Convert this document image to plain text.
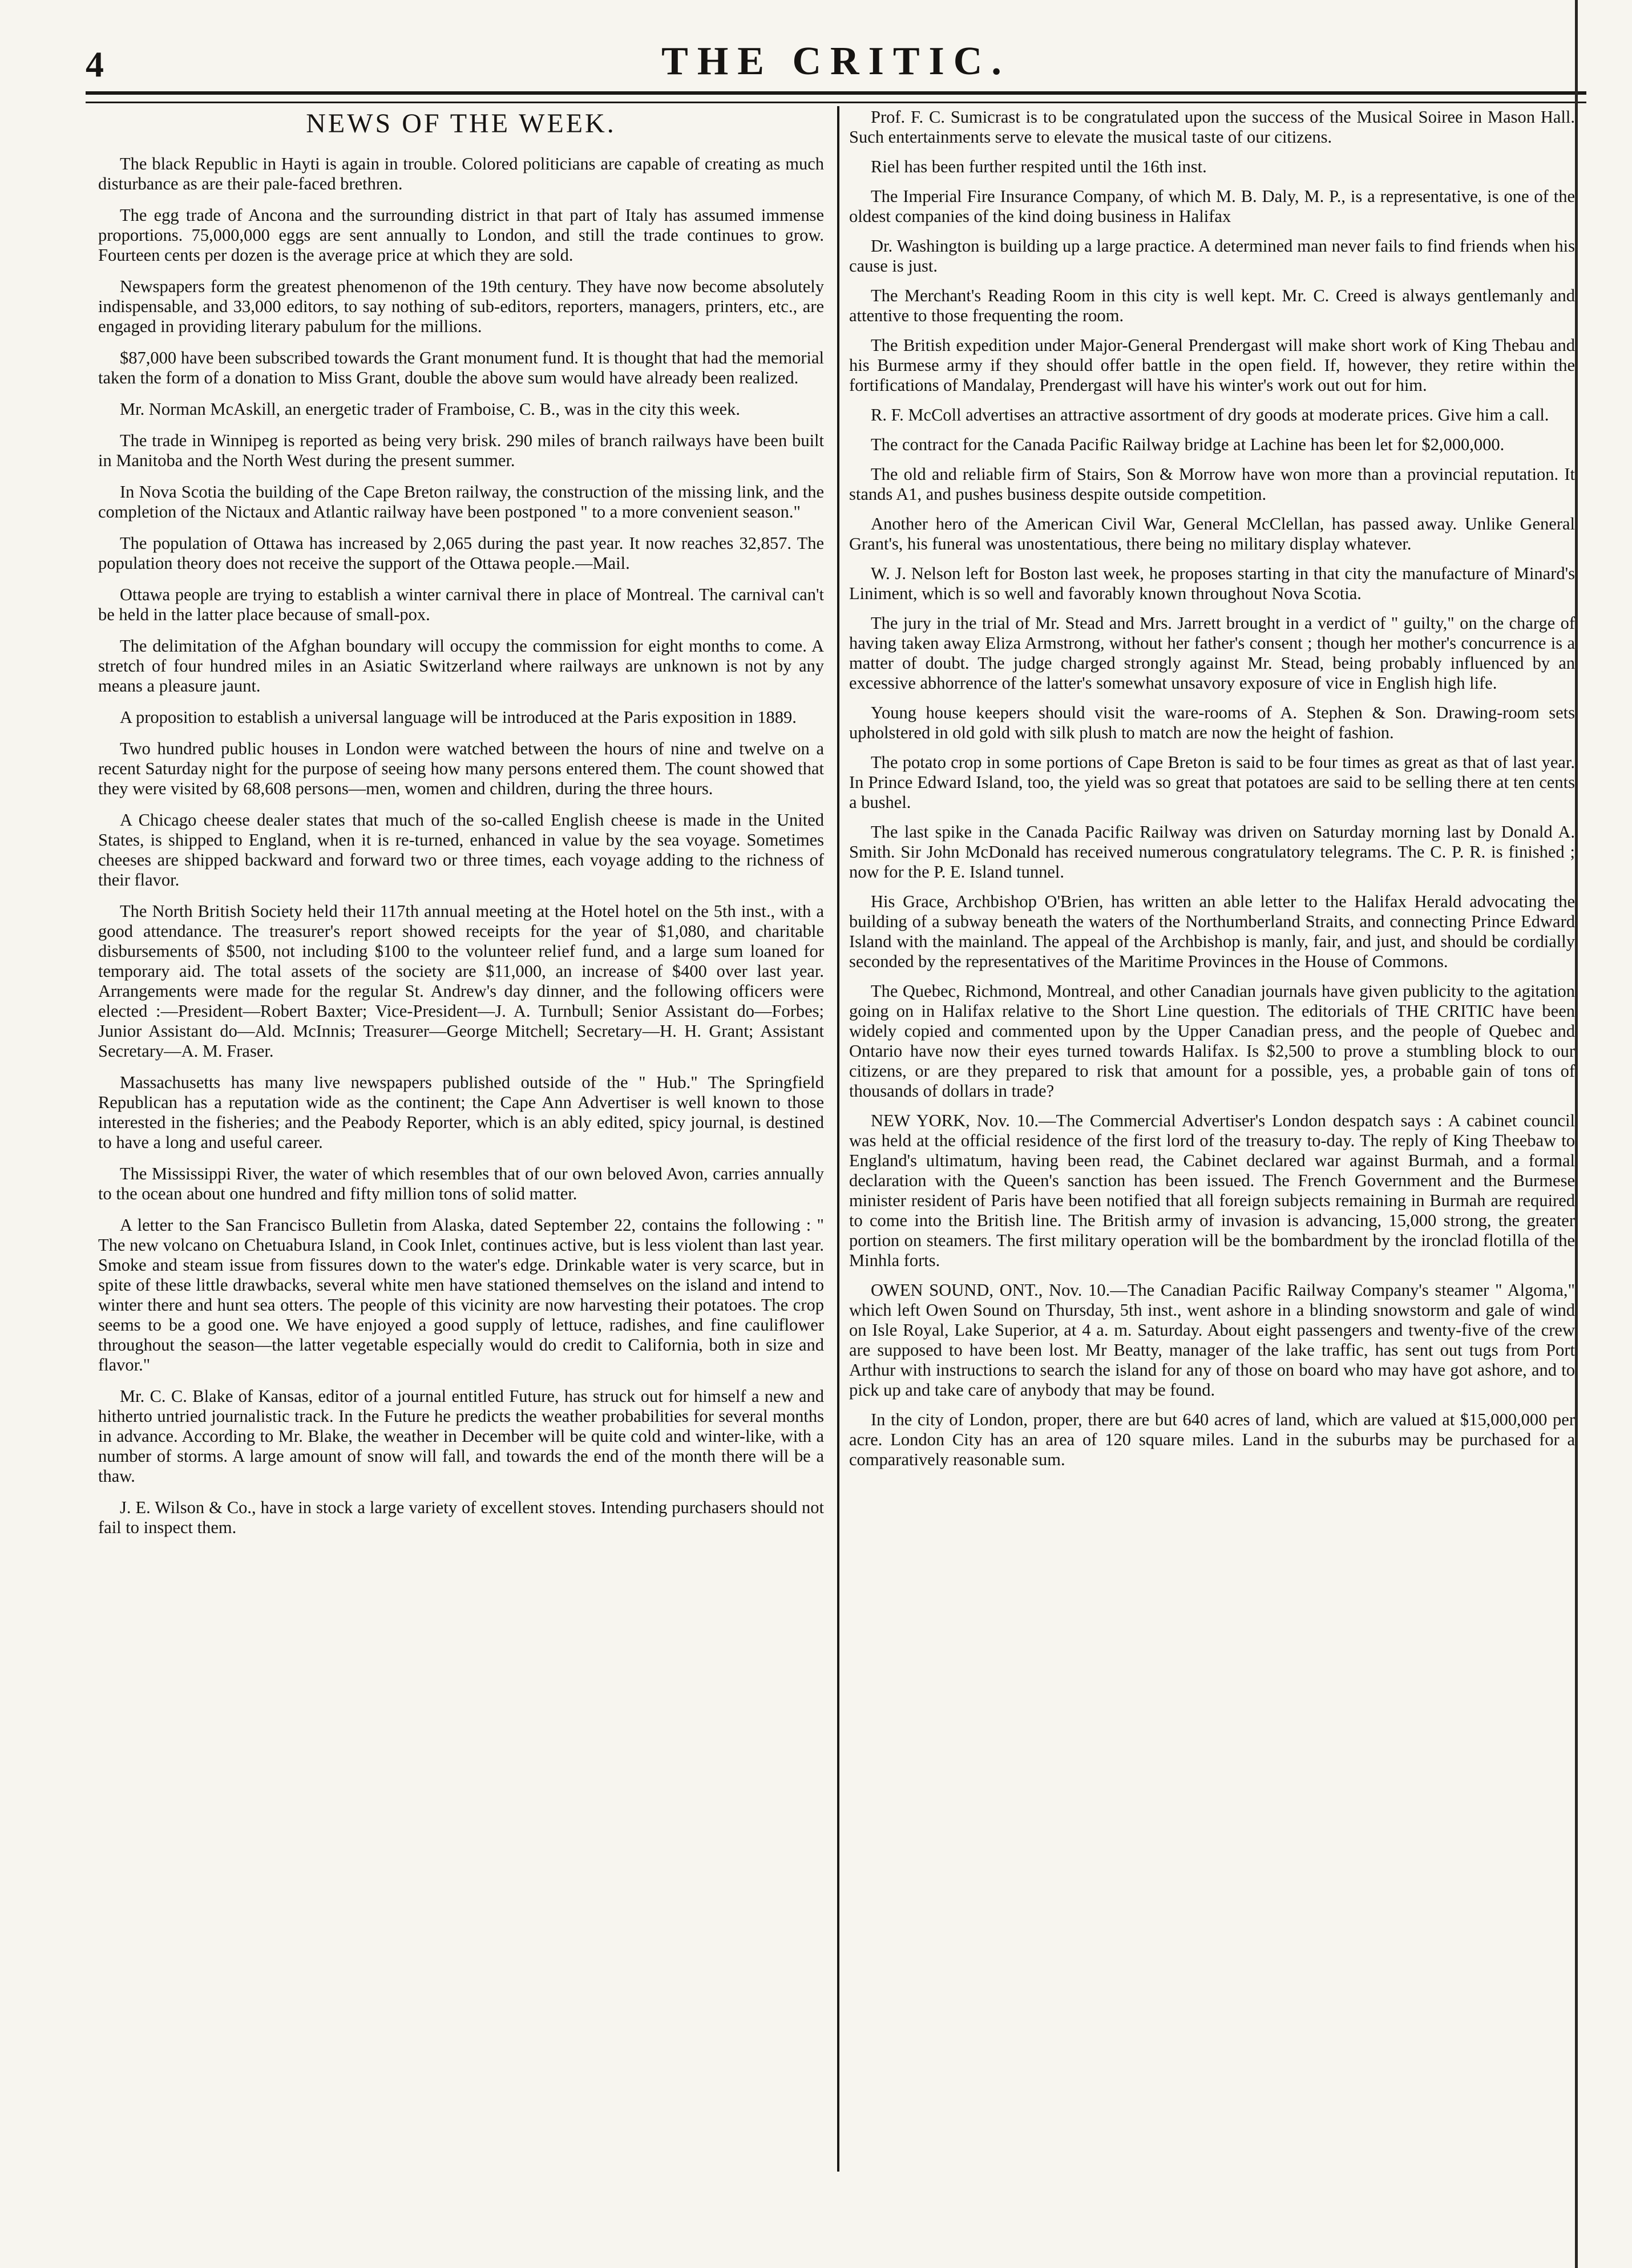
4	THE CRITIC.
NEWS OF THE WEEK.

The black Republic in Hayti is again in trouble. Colored politicians are capable of creating as much disturbance as are their pale-faced brethren.

The egg trade of Ancona and the surrounding district in that part of Italy has assumed immense proportions. 75,000,000 eggs are sent annually to London, and still the trade continues to grow. Fourteen cents per dozen is the average price at which they are sold.

Newspapers form the greatest phenomenon of the 19th century. They have now become absolutely indispensable, and 33,000 editors, to say nothing of sub-editors, reporters, managers, printers, etc., are engaged in providing literary pabulum for the millions.

$87,000 have been subscribed towards the Grant monument fund. It is thought that had the memorial taken the form of a donation to Miss Grant, double the above sum would have already been realized.

Mr. Norman McAskill, an energetic trader of Framboise, C. B., was in the city this week.

The trade in Winnipeg is reported as being very brisk. 290 miles of branch railways have been built in Manitoba and the North West during the present summer.

In Nova Scotia the building of the Cape Breton railway, the construction of the missing link, and the completion of the Nictaux and Atlantic railway have been postponed " to a more convenient season."

The population of Ottawa has increased by 2,065 during the past year. It now reaches 32,857. The population theory does not receive the support of the Ottawa people.—Mail.

Ottawa people are trying to establish a winter carnival there in place of Montreal. The carnival can't be held in the latter place because of small-pox.

The delimitation of the Afghan boundary will occupy the commission for eight months to come. A stretch of four hundred miles in an Asiatic Switzerland where railways are unknown is not by any means a pleasure jaunt.

A proposition to establish a universal language will be introduced at the Paris exposition in 1889.

Two hundred public houses in London were watched between the hours of nine and twelve on a recent Saturday night for the purpose of seeing how many persons entered them. The count showed that they were visited by 68,608 persons—men, women and children, during the three hours.

A Chicago cheese dealer states that much of the so-called English cheese is made in the United States, is shipped to England, when it is re-turned, enhanced in value by the sea voyage. Sometimes cheeses are shipped backward and forward two or three times, each voyage adding to the richness of their flavor.

The North British Society held their 117th annual meeting at the Hotel hotel on the 5th inst., with a good attendance. The treasurer's report showed receipts for the year of $1,080, and charitable disbursements of $500, not including $100 to the volunteer relief fund, and a large sum loaned for temporary aid. The total assets of the society are $11,000, an increase of $400 over last year. Arrangements were made for the regular St. Andrew's day dinner, and the following officers were elected :—President—Robert Baxter; Vice-President—J. A. Turnbull; Senior Assistant do—Forbes; Junior Assistant do—Ald. McInnis; Treasurer—George Mitchell; Secretary—H. H. Grant; Assistant Secretary—A. M. Fraser.

Massachusetts has many live newspapers published outside of the " Hub." The Springfield Republican has a reputation wide as the continent; the Cape Ann Advertiser is well known to those interested in the fisheries; and the Peabody Reporter, which is an ably edited, spicy journal, is destined to have a long and useful career.

The Mississippi River, the water of which resembles that of our own beloved Avon, carries annually to the ocean about one hundred and fifty million tons of solid matter.

A letter to the San Francisco Bulletin from Alaska, dated September 22, contains the following : " The new volcano on Chetuabura Island, in Cook Inlet, continues active, but is less violent than last year. Smoke and steam issue from fissures down to the water's edge. Drinkable water is very scarce, but in spite of these little drawbacks, several white men have stationed themselves on the island and intend to winter there and hunt sea otters. The people of this vicinity are now harvesting their potatoes. The crop seems to be a good one. We have enjoyed a good supply of lettuce, radishes, and fine cauliflower throughout the season—the latter vegetable especially would do credit to California, both in size and flavor."

Mr. C. C. Blake of Kansas, editor of a journal entitled Future, has struck out for himself a new and hitherto untried journalistic track. In the Future he predicts the weather probabilities for several months in advance. According to Mr. Blake, the weather in December will be quite cold and winter-like, with a number of storms. A large amount of snow will fall, and towards the end of the month there will be a thaw.

J. E. Wilson & Co., have in stock a large variety of excellent stoves. Intending purchasers should not fail to inspect them.

Prof. F. C. Sumicrast is to be congratulated upon the success of the Musical Soiree in Mason Hall. Such entertainments serve to elevate the musical taste of our citizens.

Riel has been further respited until the 16th inst.

The Imperial Fire Insurance Company, of which M. B. Daly, M. P., is a representative, is one of the oldest companies of the kind doing business in Halifax

Dr. Washington is building up a large practice. A determined man never fails to find friends when his cause is just.

The Merchant's Reading Room in this city is well kept. Mr. C. Creed is always gentlemanly and attentive to those frequenting the room.

The British expedition under Major-General Prendergast will make short work of King Thebau and his Burmese army if they should offer battle in the open field. If, however, they retire within the fortifications of Mandalay, Prendergast will have his winter's work out out for him.

R. F. McColl advertises an attractive assortment of dry goods at moderate prices. Give him a call.

The contract for the Canada Pacific Railway bridge at Lachine has been let for $2,000,000.

The old and reliable firm of Stairs, Son & Morrow have won more than a provincial reputation. It stands A1, and pushes business despite outside competition.

Another hero of the American Civil War, General McClellan, has passed away. Unlike General Grant's, his funeral was unostentatious, there being no military display whatever.

W. J. Nelson left for Boston last week, he proposes starting in that city the manufacture of Minard's Liniment, which is so well and favorably known throughout Nova Scotia.

The jury in the trial of Mr. Stead and Mrs. Jarrett brought in a verdict of " guilty," on the charge of having taken away Eliza Armstrong, without her father's consent ; though her mother's concurrence is a matter of doubt. The judge charged strongly against Mr. Stead, being probably influenced by an excessive abhorrence of the latter's somewhat unsavory exposure of vice in English high life.

Young house keepers should visit the ware-rooms of A. Stephen & Son. Drawing-room sets upholstered in old gold with silk plush to match are now the height of fashion.

The potato crop in some portions of Cape Breton is said to be four times as great as that of last year. In Prince Edward Island, too, the yield was so great that potatoes are said to be selling there at ten cents a bushel.

The last spike in the Canada Pacific Railway was driven on Saturday morning last by Donald A. Smith. Sir John McDonald has received numerous congratulatory telegrams. The C. P. R. is finished ; now for the P. E. Island tunnel.

His Grace, Archbishop O'Brien, has written an able letter to the Halifax Herald advocating the building of a subway beneath the waters of the Northumberland Straits, and connecting Prince Edward Island with the mainland. The appeal of the Archbishop is manly, fair, and just, and should be cordially seconded by the representatives of the Maritime Provinces in the House of Commons.

The Quebec, Richmond, Montreal, and other Canadian journals have given publicity to the agitation going on in Halifax relative to the Short Line question. The editorials of THE CRITIC have been widely copied and commented upon by the Upper Canadian press, and the people of Quebec and Ontario have now their eyes turned towards Halifax. Is $2,500 to prove a stumbling block to our citizens, or are they prepared to risk that amount for a possible, yes, a probable gain of tons of thousands of dollars in trade?

NEW YORK, Nov. 10.—The Commercial Advertiser's London despatch says : A cabinet council was held at the official residence of the first lord of the treasury to-day. The reply of King Theebaw to England's ultimatum, having been read, the Cabinet declared war against Burmah, and a formal declaration with the Queen's sanction has been issued. The French Government and the Burmese minister resident of Paris have been notified that all foreign subjects remaining in Burmah are required to come into the British line. The British army of invasion is advancing, 15,000 strong, the greater portion on steamers. The first military operation will be the bombardment by the ironclad flotilla of the Minhla forts.

OWEN SOUND, ONT., Nov. 10.—The Canadian Pacific Railway Company's steamer " Algoma," which left Owen Sound on Thursday, 5th inst., went ashore in a blinding snowstorm and gale of wind on Isle Royal, Lake Superior, at 4 a. m. Saturday. About eight passengers and twenty-five of the crew are supposed to have been lost. Mr Beatty, manager of the lake traffic, has sent out tugs from Port Arthur with instructions to search the island for any of those on board who may have got ashore, and to pick up and take care of anybody that may be found.

In the city of London, proper, there are but 640 acres of land, which are valued at $15,000,000 per acre. London City has an area of 120 square miles. Land in the suburbs may be purchased for a comparatively reasonable sum.
